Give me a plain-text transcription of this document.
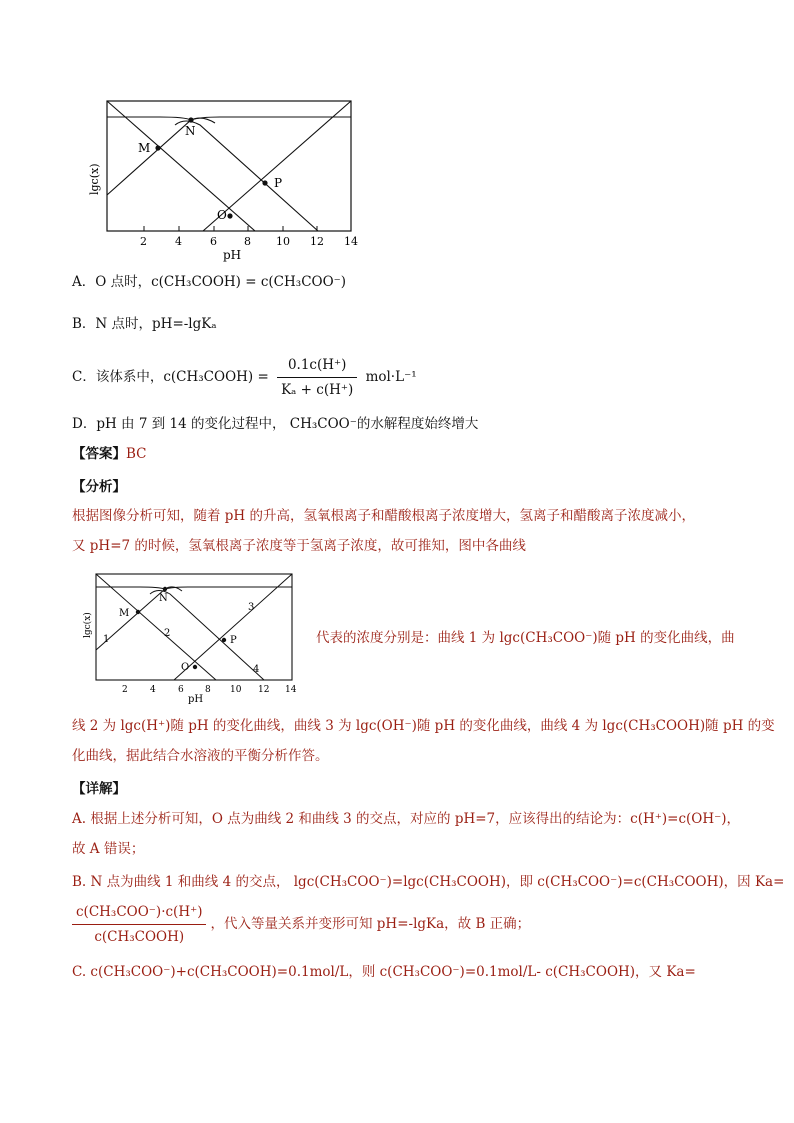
M
N
O
P
lgc(x)
2	4	6 8 10 12 14
pH
A．O 点时，c(CH₃COOH) = c(CH₃COO⁻)
B．N 点时，pH=-lgKₐ
C．该体系中，c(CH₃COOH) = $\frac{0.1c(H^+)}{\text{Kₐ + c(H⁺)}} mol\cdot L^{-1}$
D．pH 由 7 到 14 的变化过程中， CH₃COO⁻的水解程度始终增大
【答案】BC
【分析】
根据图像分析可知，随着 pH 的升高，氢氧根离子和醋酸根离子浓度增大，氢离子和醋酸离子浓度减小，
又 pH=7 的时候，氢氧根离子浓度等于氢离子浓度，故可推知，图中各曲线
M
N
O
P
1
2
3
4
lgc(x)
2 4 6 8 10 12 14
pH
代表的浓度分别是：曲线 1 为 lgc(CH₃COO⁻)随 pH 的变化曲线，曲
线 2 为 lgc(H⁺)随 pH 的变化曲线，曲线 3 为 lgc(OH⁻)随 pH 的变化曲线，曲线 4 为 lgc(CH₃COOH)随 pH 的变
化曲线，据此结合水溶液的平衡分析作答。
【详解】
A. 根据上述分析可知，O 点为曲线 2 和曲线 3 的交点，对应的 pH=7，应该得出的结论为：c(H⁺)=c(OH⁻)，
故 A 错误；
B. N 点为曲线 1 和曲线 4 的交点， lgc(CH₃COO⁻)=lgc(CH₃COOH)，即 c(CH₃COO⁻)=c(CH₃COOH)，因 Ka=
$\frac{\text{c(CH₃COO⁻)·c(H⁺)}}{\text{c(CH₃COOH)}}$ ，代入等量关系并变形可知 pH=-lgKa，故 B 正确；
C. c(CH₃COO⁻)+c(CH₃COOH)=0.1mol/L，则 c(CH₃COO⁻)=0.1mol/L- c(CH₃COOH)，又 Ka=
